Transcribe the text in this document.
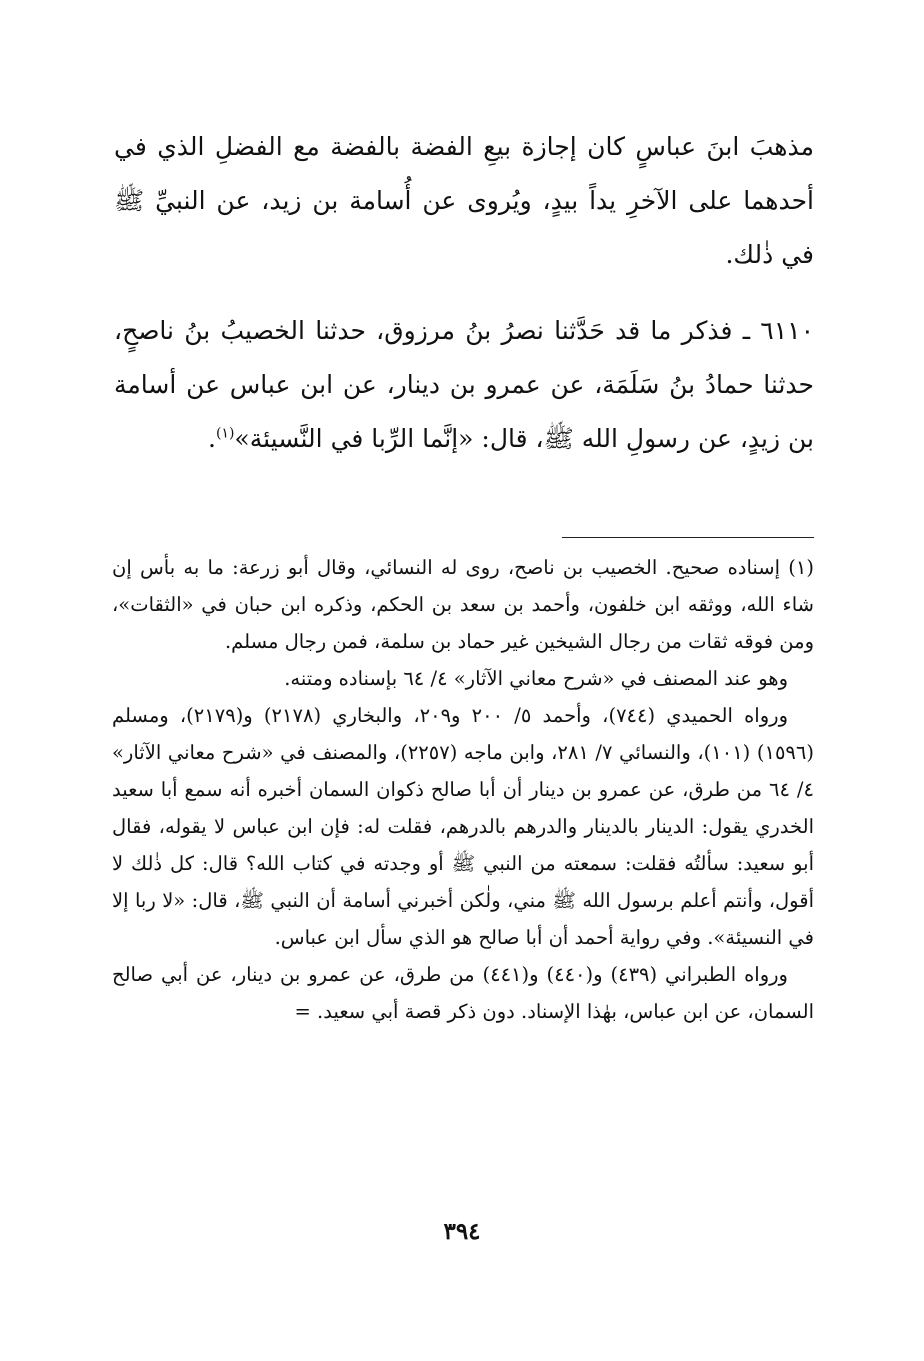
مذهبَ ابنَ عباسٍ كان إجازة بيعِ الفضة بالفضة مع الفضلِ الذي في أحدهما على الآخرِ يداً بيدٍ، ويُروى عن أُسامة بن زيد، عن النبيِّ ﷺ في ذٰلك.

٦١١٠ ـ فذكر ما قد حَدَّثنا نصرُ بنُ مرزوق، حدثنا الخصيبُ بنُ ناصحٍ، حدثنا حمادُ بنُ سَلَمَة، عن عمرو بن دينار، عن ابن عباس عن أسامة بن زيدٍ، عن رسولِ الله ﷺ، قال: «إنَّما الرِّبا في النَّسيئة»$^{(١)}$.

(١) إسناده صحيح. الخصيب بن ناصح، روى له النسائي، وقال أبو زرعة: ما به بأس إن شاء الله، ووثقه ابن خلفون، وأحمد بن سعد بن الحكم، وذكره ابن حبان في «الثقات»، ومن فوقه ثقات من رجال الشيخين غير حماد بن سلمة، فمن رجال مسلم.

وهو عند المصنف في «شرح معاني الآثار» ٤/ ٦٤ بإسناده ومتنه.

ورواه الحميدي (٧٤٤)، وأحمد ٥/ ٢٠٠ و٢٠٩، والبخاري (٢١٧٨) و(٢١٧٩)، ومسلم (١٥٩٦) (١٠١)، والنسائي ٧/ ٢٨١، وابن ماجه (٢٢٥٧)، والمصنف في «شرح معاني الآثار» ٤/ ٦٤ من طرق، عن عمرو بن دينار أن أبا صالح ذكوان السمان أخبره أنه سمع أبا سعيد الخدري يقول: الدينار بالدينار والدرهم بالدرهم، فقلت له: فإن ابن عباس لا يقوله، فقال أبو سعيد: سألتُه فقلت: سمعته من النبي ﷺ أو وجدته في كتاب الله؟ قال: كل ذٰلك لا أقول، وأنتم أعلم برسول الله ﷺ مني، ولٰكن أخبرني أسامة أن النبي ﷺ، قال: «لا ربا إلا في النسيئة». وفي رواية أحمد أن أبا صالح هو الذي سأل ابن عباس.

ورواه الطبراني (٤٣٩) و(٤٤٠) و(٤٤١) من طرق، عن عمرو بن دينار، عن أبي صالح السمان، عن ابن عباس، بهٰذا الإسناد. دون ذكر قصة أبي سعيد. =

٣٩٤
